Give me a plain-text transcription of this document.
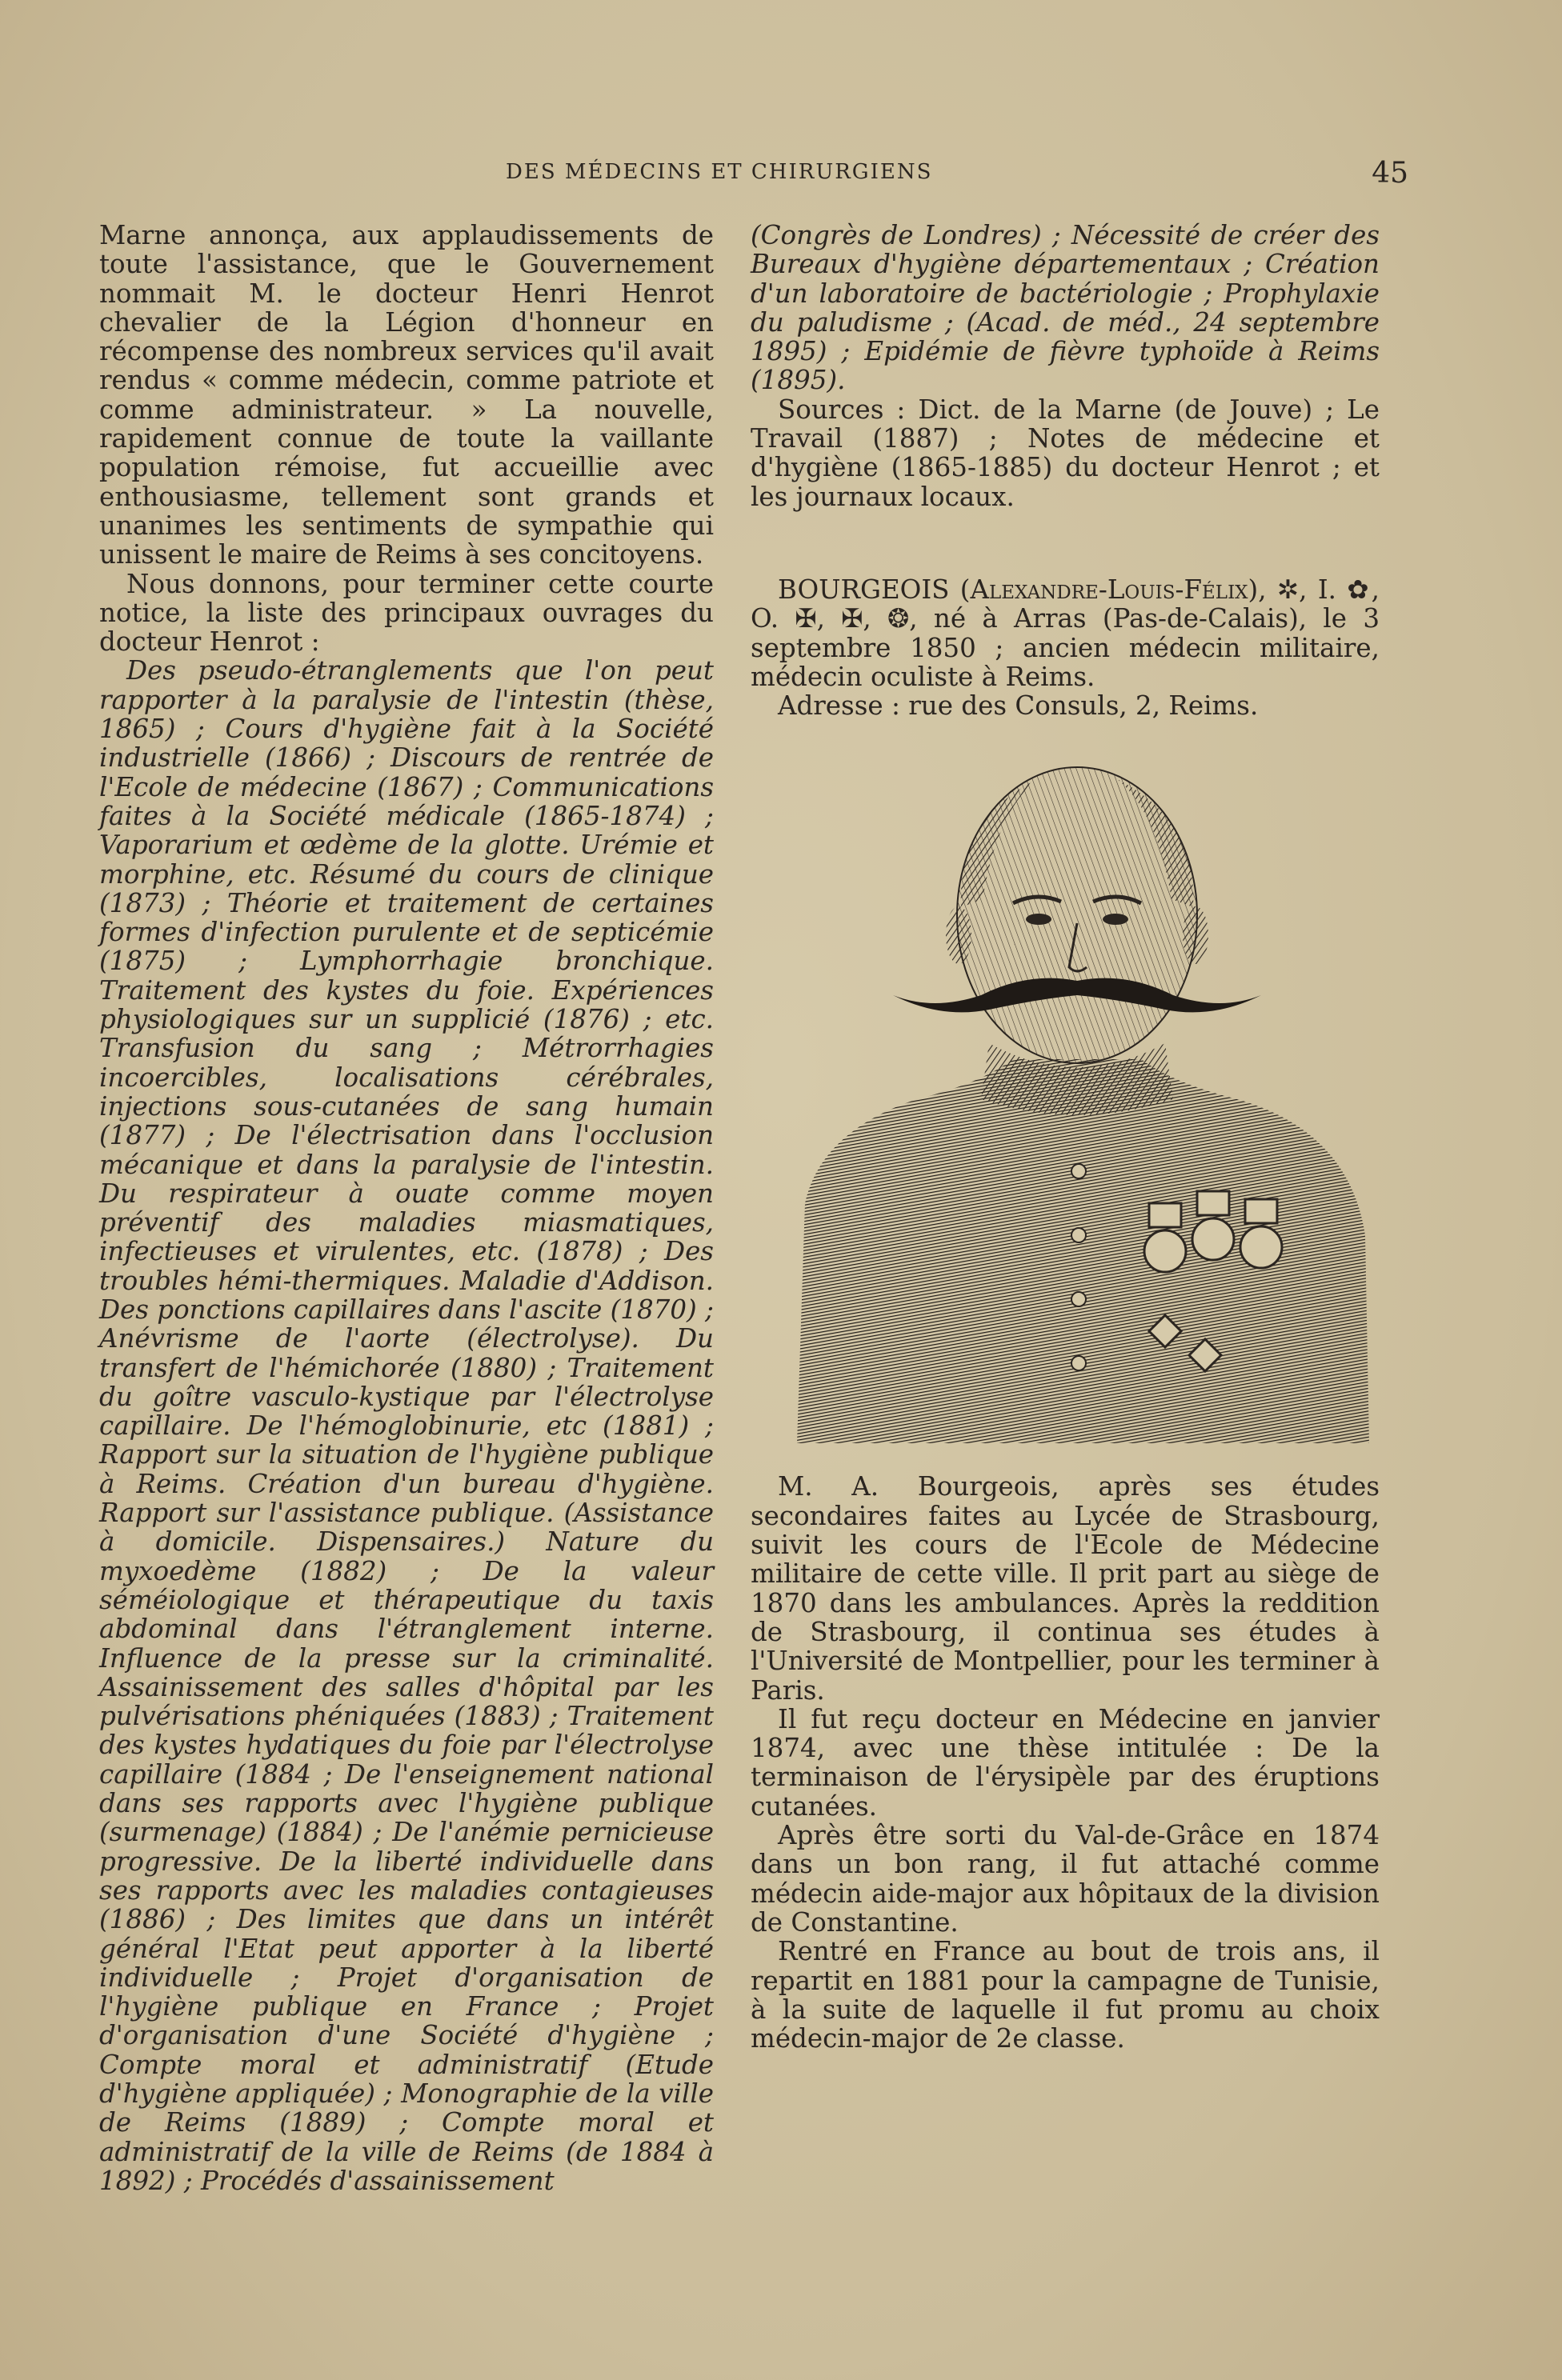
DES MÉDECINS ET CHIRURGIENS	45

Marne annonça, aux applaudissements de toute l'assistance, que le Gouvernement nommait M. le docteur Henri Henrot chevalier de la Légion d'honneur en récompense des nombreux services qu'il avait rendus « comme médecin, comme patriote et comme administrateur. » La nouvelle, rapidement connue de toute la vaillante population rémoise, fut accueillie avec enthousiasme, tellement sont grands et unanimes les sentiments de sympathie qui unissent le maire de Reims à ses concitoyens.

Nous donnons, pour terminer cette courte notice, la liste des principaux ouvrages du docteur Henrot :

Des pseudo-étranglements que l'on peut rapporter à la paralysie de l'intestin (thèse, 1865) ; Cours d'hygiène fait à la Société industrielle (1866) ; Discours de rentrée de l'Ecole de médecine (1867) ; Communications faites à la Société médicale (1865-1874) ; Vaporarium et œdème de la glotte. Urémie et morphine, etc. Résumé du cours de clinique (1873) ; Théorie et traitement de certaines formes d'infection purulente et de septicémie (1875) ; Lymphorrhagie bronchique. Traitement des kystes du foie. Expériences physiologiques sur un supplicié (1876) ; etc. Transfusion du sang ; Métrorrhagies incoercibles, localisations cérébrales, injections sous-cutanées de sang humain (1877) ; De l'électrisation dans l'occlusion mécanique et dans la paralysie de l'intestin. Du respirateur à ouate comme moyen préventif des maladies miasmatiques, infectieuses et virulentes, etc. (1878) ; Des troubles hémi-thermiques. Maladie d'Addison. Des ponctions capillaires dans l'ascite (1870) ; Anévrisme de l'aorte (électrolyse). Du transfert de l'hémichorée (1880) ; Traitement du goître vasculo-kystique par l'électrolyse capillaire. De l'hémoglobinurie, etc (1881) ; Rapport sur la situation de l'hygiène publique à Reims. Création d'un bureau d'hygiène. Rapport sur l'assistance publique. (Assistance à domicile. Dispensaires.) Nature du myxoedème (1882) ; De la valeur séméiologique et thérapeutique du taxis abdominal dans l'étranglement interne. Influence de la presse sur la criminalité. Assainissement des salles d'hôpital par les pulvérisations phéniquées (1883) ; Traitement des kystes hydatiques du foie par l'électrolyse capillaire (1884 ; De l'enseignement national dans ses rapports avec l'hygiène publique (surmenage) (1884) ; De l'anémie pernicieuse progressive. De la liberté individuelle dans ses rapports avec les maladies contagieuses (1886) ; Des limites que dans un intérêt général l'Etat peut apporter à la liberté individuelle ; Projet d'organisation de l'hygiène publique en France ; Projet d'organisation d'une Société d'hygiène ; Compte moral et administratif (Etude d'hygiène appliquée) ; Monographie de la ville de Reims (1889) ; Compte moral et administratif de la ville de Reims (de 1884 à 1892) ; Procédés d'assainissement

(Congrès de Londres) ; Nécessité de créer des Bureaux d'hygiène départementaux ; Création d'un laboratoire de bactériologie ; Prophylaxie du paludisme ; (Acad. de méd., 24 septembre 1895) ; Epidémie de fièvre typhoïde à Reims (1895).

Sources : Dict. de la Marne (de Jouve) ; Le Travail (1887) ; Notes de médecine et d'hygiène (1865-1885) du docteur Henrot ; et les journaux locaux.

BOURGEOIS (Alexandre-Louis-Félix), ✲, I. ✿, O. ✠, ✠, ❂, né à Arras (Pas-de-Calais), le 3 septembre 1850 ; ancien médecin militaire, médecin oculiste à Reims.

Adresse : rue des Consuls, 2, Reims.

M. A. Bourgeois, après ses études secondaires faites au Lycée de Strasbourg, suivit les cours de l'Ecole de Médecine militaire de cette ville. Il prit part au siège de 1870 dans les ambulances. Après la reddition de Strasbourg, il continua ses études à l'Université de Montpellier, pour les terminer à Paris.

Il fut reçu docteur en Médecine en janvier 1874, avec une thèse intitulée : De la terminaison de l'érysipèle par des éruptions cutanées.

Après être sorti du Val-de-Grâce en 1874 dans un bon rang, il fut attaché comme médecin aide-major aux hôpitaux de la division de Constantine.

Rentré en France au bout de trois ans, il repartit en 1881 pour la campagne de Tunisie, à la suite de laquelle il fut promu au choix médecin-major de 2e classe.
